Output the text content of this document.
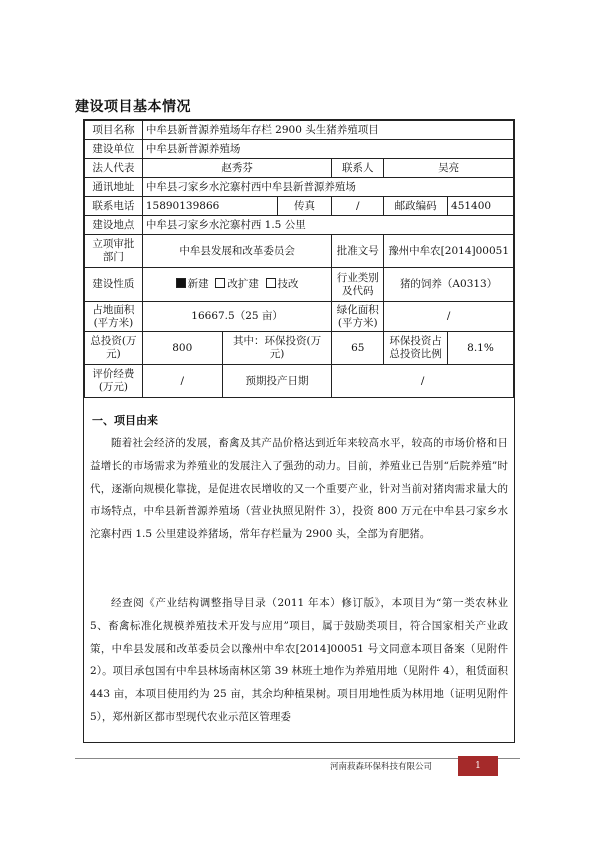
建设项目基本情况
项目名称	中牟县新普源养殖场年存栏 2900 头生猪养殖项目					
建设单位	中牟县新普源养殖场					
法人代表	赵秀芬			联系人	吴亮	
通讯地址	中牟县刁家乡水沱寨村西中牟县新普源养殖场					
联系电话	15890139866		传真	/	邮政编码	451400
建设地点	中牟县刁家乡水沱寨村西 1.5 公里					
立项审批部门	中牟县发展和改革委员会			批准文号	豫州中牟农[2014]00051	
建设性质	新建 改扩建 技改			行业类别及代码	猪的饲养（A0313）	
占地面积(平方米)	16667.5（25 亩）			绿化面积(平方米)	/	
总投资(万元)	800	其中：环保投资(万元)		65	环保投资占总投资比例	8.1%
评价经费(万元)	/	预期投产日期		/		
一、项目由来
随着社会经济的发展，畜禽及其产品价格达到近年来较高水平，较高的市场价格和日益增长的市场需求为养殖业的发展注入了强劲的动力。目前，养殖业已告别“后院养殖”时代，逐渐向规模化靠拢，是促进农民增收的又一个重要产业，针对当前对猪肉需求量大的市场特点，中牟县新普源养殖场（营业执照见附件 3），投资 800 万元在中牟县刁家乡水沱寨村西 1.5 公里建设养猪场，常年存栏量为 2900 头，全部为育肥猪。
经查阅《产业结构调整指导目录（2011 年本）修订版》，本项目为“第一类农林业 5、畜禽标准化规模养殖技术开发与应用”项目，属于鼓励类项目，符合国家相关产业政策，中牟县发展和改革委员会以豫州中牟农[2014]00051 号文同意本项目备案（见附件 2）。项目承包国有中牟县林场南林区第 39 林班土地作为养殖用地（见附件 4），租赁面积 443 亩，本项目使用约为 25 亩，其余均种植果树。项目用地性质为林用地（证明见附件 5），郑州新区都市型现代农业示范区管理委
河南菽森环保科技有限公司	1
